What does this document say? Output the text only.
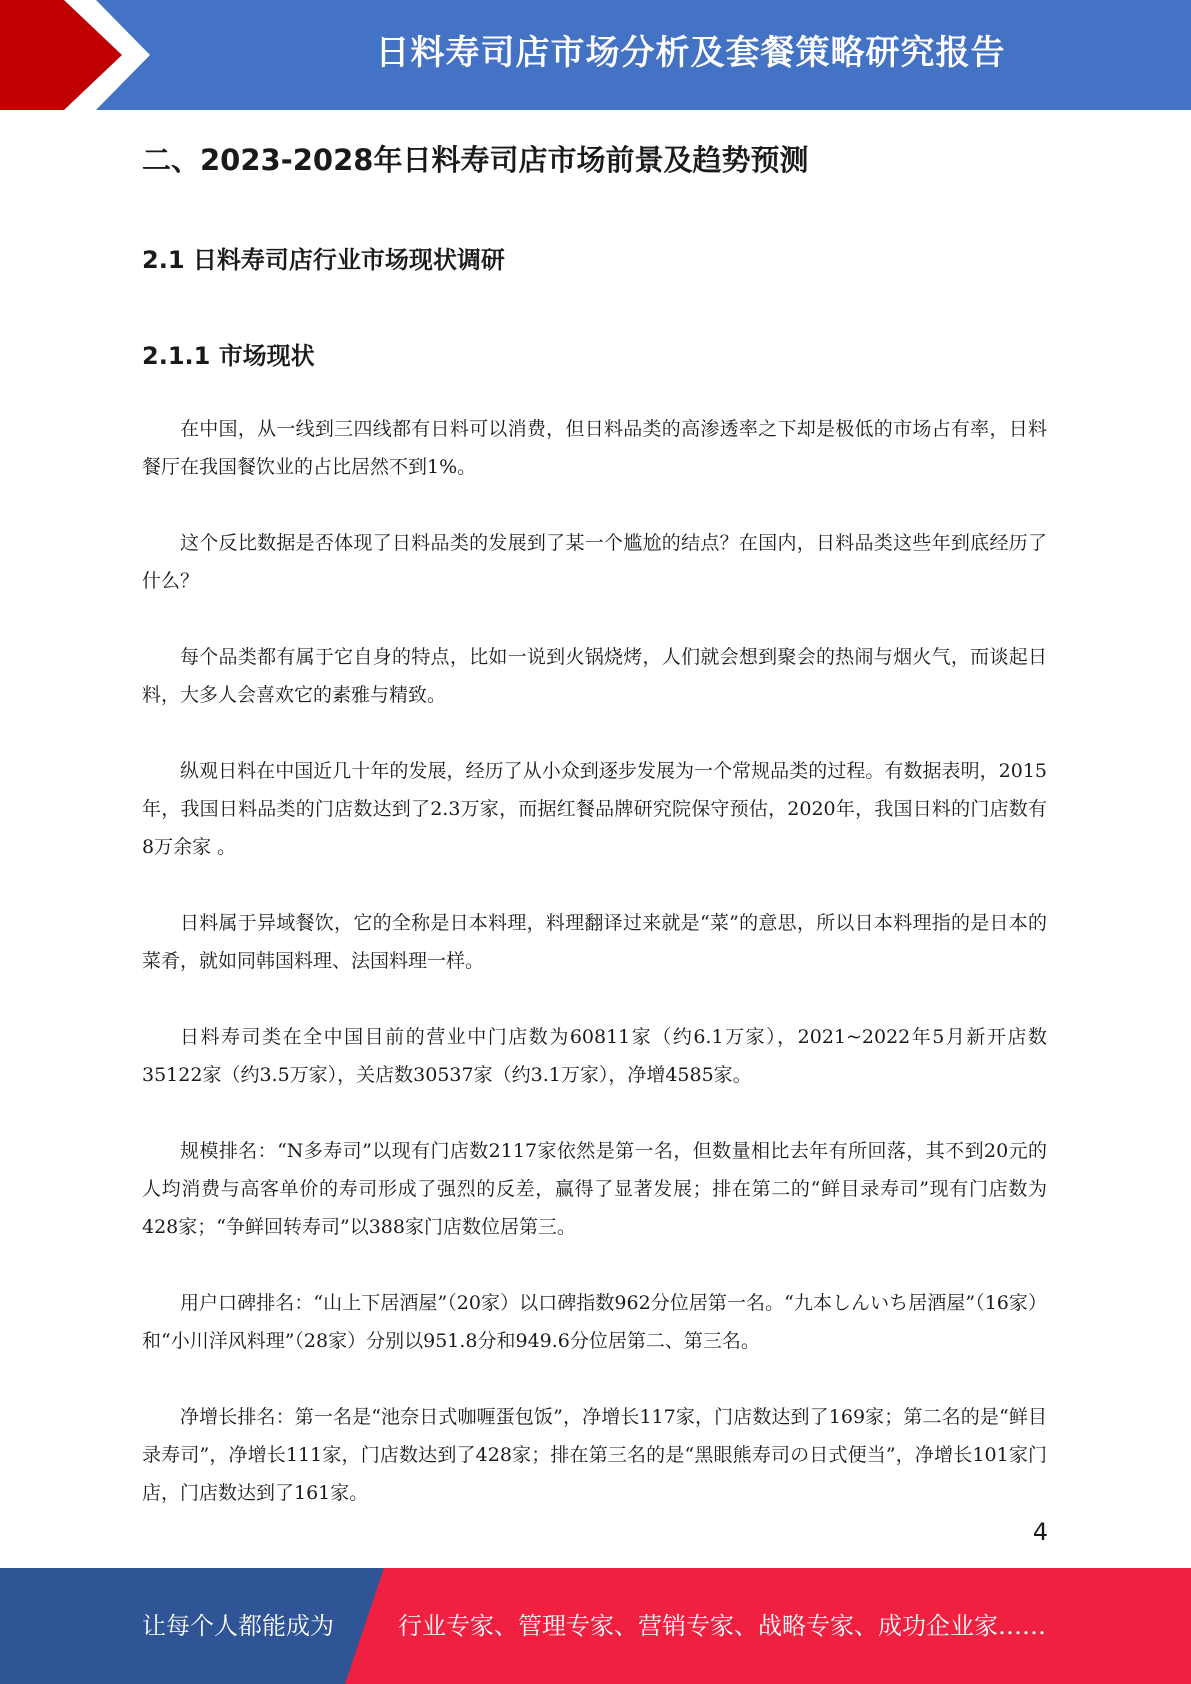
日料寿司店市场分析及套餐策略研究报告
二、2023-2028年日料寿司店市场前景及趋势预测
2.1 日料寿司店行业市场现状调研
2.1.1 市场现状

在中国，从一线到三四线都有日料可以消费，但日料品类的高渗透率之下却是极低的市场占有率，日料餐厅在我国餐饮业的占比居然不到1%。

这个反比数据是否体现了日料品类的发展到了某一个尴尬的结点？在国内，日料品类这些年到底经历了什么？

每个品类都有属于它自身的特点，比如一说到火锅烧烤，人们就会想到聚会的热闹与烟火气，而谈起日料，大多人会喜欢它的素雅与精致。

纵观日料在中国近几十年的发展，经历了从小众到逐步发展为一个常规品类的过程。有数据表明，2015年，我国日料品类的门店数达到了2.3万家，而据红餐品牌研究院保守预估，2020年，我国日料的门店数有8万余家 。

日料属于异域餐饮，它的全称是日本料理，料理翻译过来就是“菜”的意思，所以日本料理指的是日本的菜肴，就如同韩国料理、法国料理一样。

日料寿司类在全中国目前的营业中门店数为60811家（约6.1万家），2021~2022年5月新开店数35122家（约3.5万家），关店数30537家（约3.1万家），净增4585家。

规模排名：“N多寿司”以现有门店数2117家依然是第一名，但数量相比去年有所回落，其不到20元的人均消费与高客单价的寿司形成了强烈的反差，赢得了显著发展；排在第二的“鲜目录寿司”现有门店数为428家；“争鲜回转寿司”以388家门店数位居第三。

用户口碑排名：“山上下居酒屋”（20家）以口碑指数962分位居第一名。“九本しんいち居酒屋”（16家）和“小川洋风料理”（28家）分别以951.8分和949.6分位居第二、第三名。

净增长排名：第一名是“池奈日式咖喱蛋包饭”，净增长117家，门店数达到了169家；第二名的是“鲜目录寿司”，净增长111家，门店数达到了428家；排在第三名的是“黑眼熊寿司の日式便当”，净增长101家门店，门店数达到了161家。

4
让每个人都能成为	行业专家、管理专家、营销专家、战略专家、成功企业家……
